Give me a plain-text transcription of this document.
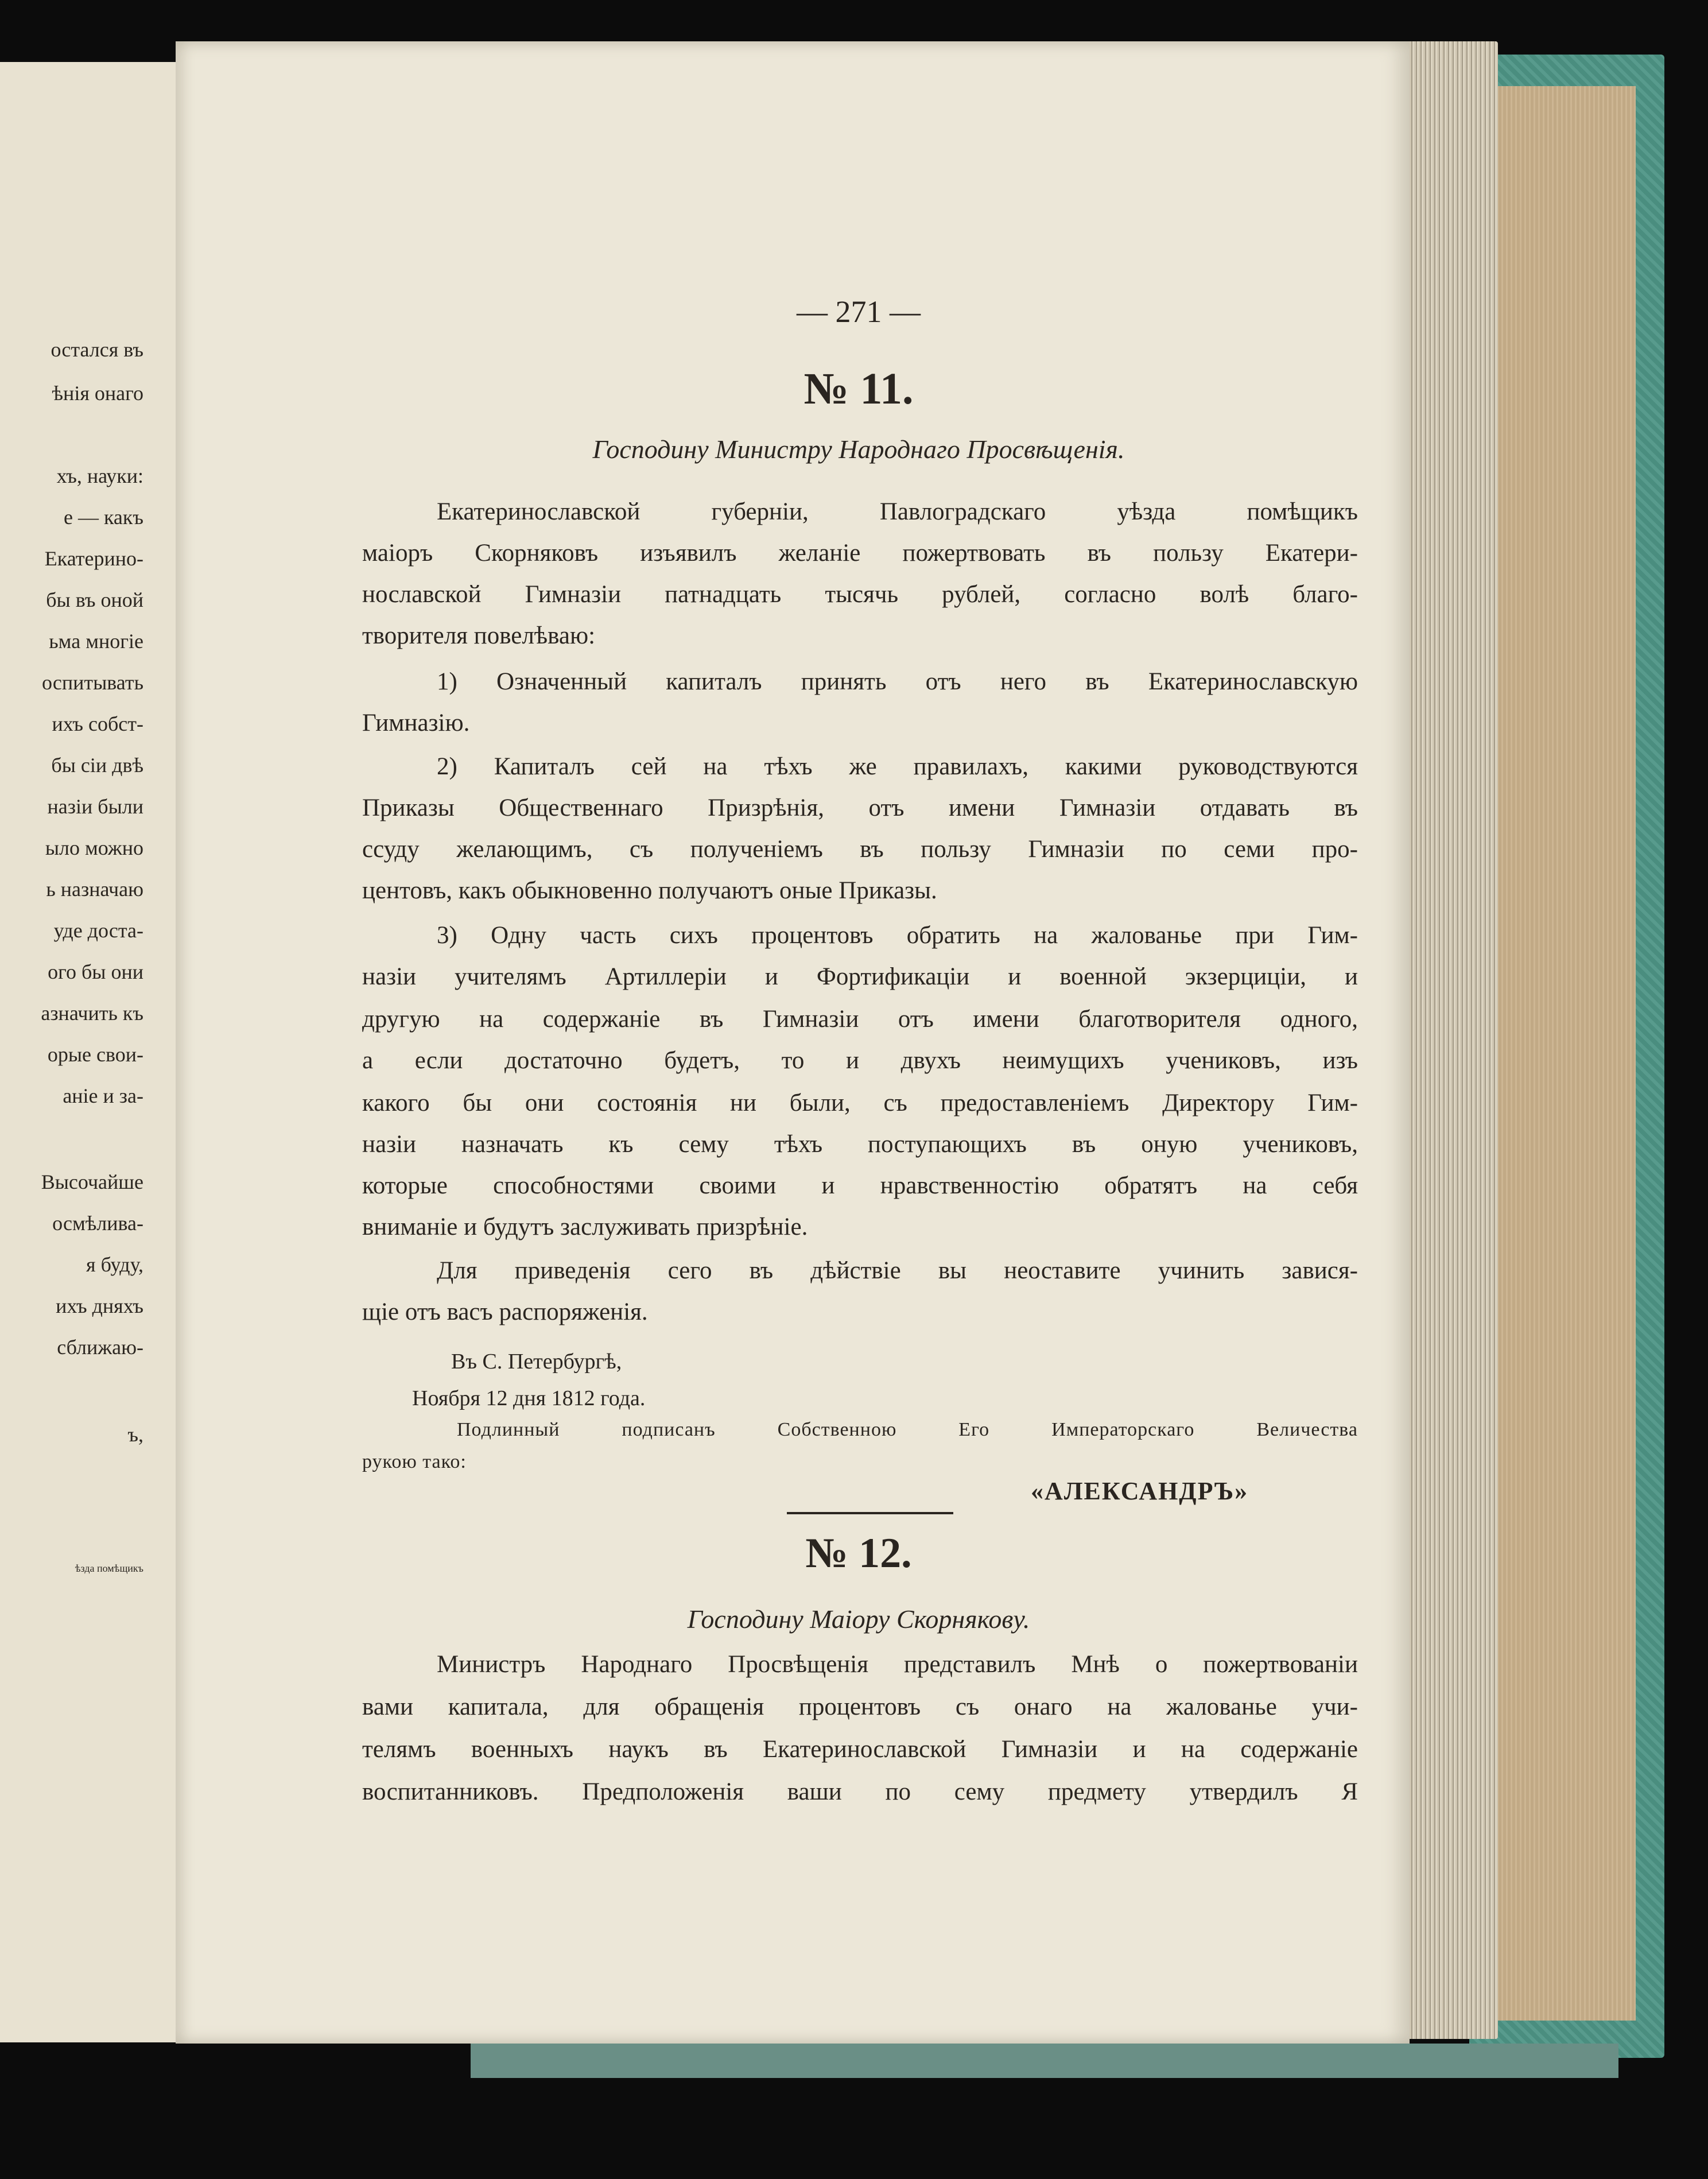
остался въ
ѣнія онаго
хъ, науки:
е — какъ
Екатерино-
бы въ оной
ьма многіе
оспитывать
ихъ собст-
бы сіи двѣ
назіи были
ыло можно
ь назначаю
уде доста-
ого бы они
азначить къ
орые свои-
аніе и за-
Высочайше
осмѣлива-
я буду,
ихъ дняхъ
сближаю-
ъ,
ѣзда помѣщикъ
— 271 —
№ 11.
Господину Министру Народнаго Просвѣщенія.
Екатеринославской губерніи, Павлоградскаго уѣзда помѣщикъ
маіоръ Скорняковъ изъявилъ желаніе пожертвовать въ пользу Екатери-
нославской Гимназіи патнадцать тысячь рублей, согласно волѣ благо-
творителя повелѣваю:
1) Означенный капиталъ принять отъ него въ Екатеринославскую
Гимназію.
2) Капиталъ сей на тѣхъ же правилахъ, какими руководствуются
Приказы Общественнаго Призрѣнія, отъ имени Гимназіи отдавать въ
ссуду желающимъ, съ полученіемъ въ пользу Гимназіи по семи про-
центовъ, какъ обыкновенно получаютъ оные Приказы.
3) Одну часть сихъ процентовъ обратить на жалованье при Гим-
назіи учителямъ Артиллеріи и Фортификаціи и военной экзерциціи, и
другую на содержаніе въ Гимназіи отъ имени благотворителя одного,
а если достаточно будетъ, то и двухъ неимущихъ учениковъ, изъ
какого бы они состоянія ни были, съ предоставленіемъ Директору Гим-
назіи назначать къ сему тѣхъ поступающихъ въ оную учениковъ,
которые способностями своими и нравственностію обратятъ на себя
вниманіе и будутъ заслуживать призрѣніе.
Для приведенія сего въ дѣйствіе вы неоставите учинить завися-
щіе отъ васъ распоряженія.
Въ С. Петербургѣ,
Ноября 12 дня 1812 года.
Подлинный подписанъ Собственною Его Императорскаго Величества
рукою тако:
«АЛЕКСАНДРЪ»
№ 12.
Господину Маіору Скорнякову.
Министръ Народнаго Просвѣщенія представилъ Мнѣ о пожертвованіи
вами капитала, для обращенія процентовъ съ онаго на жалованье учи-
телямъ военныхъ наукъ въ Екатеринославской Гимназіи и на содержаніе
воспитанниковъ. Предположенія ваши по сему предмету утвердилъ Я
